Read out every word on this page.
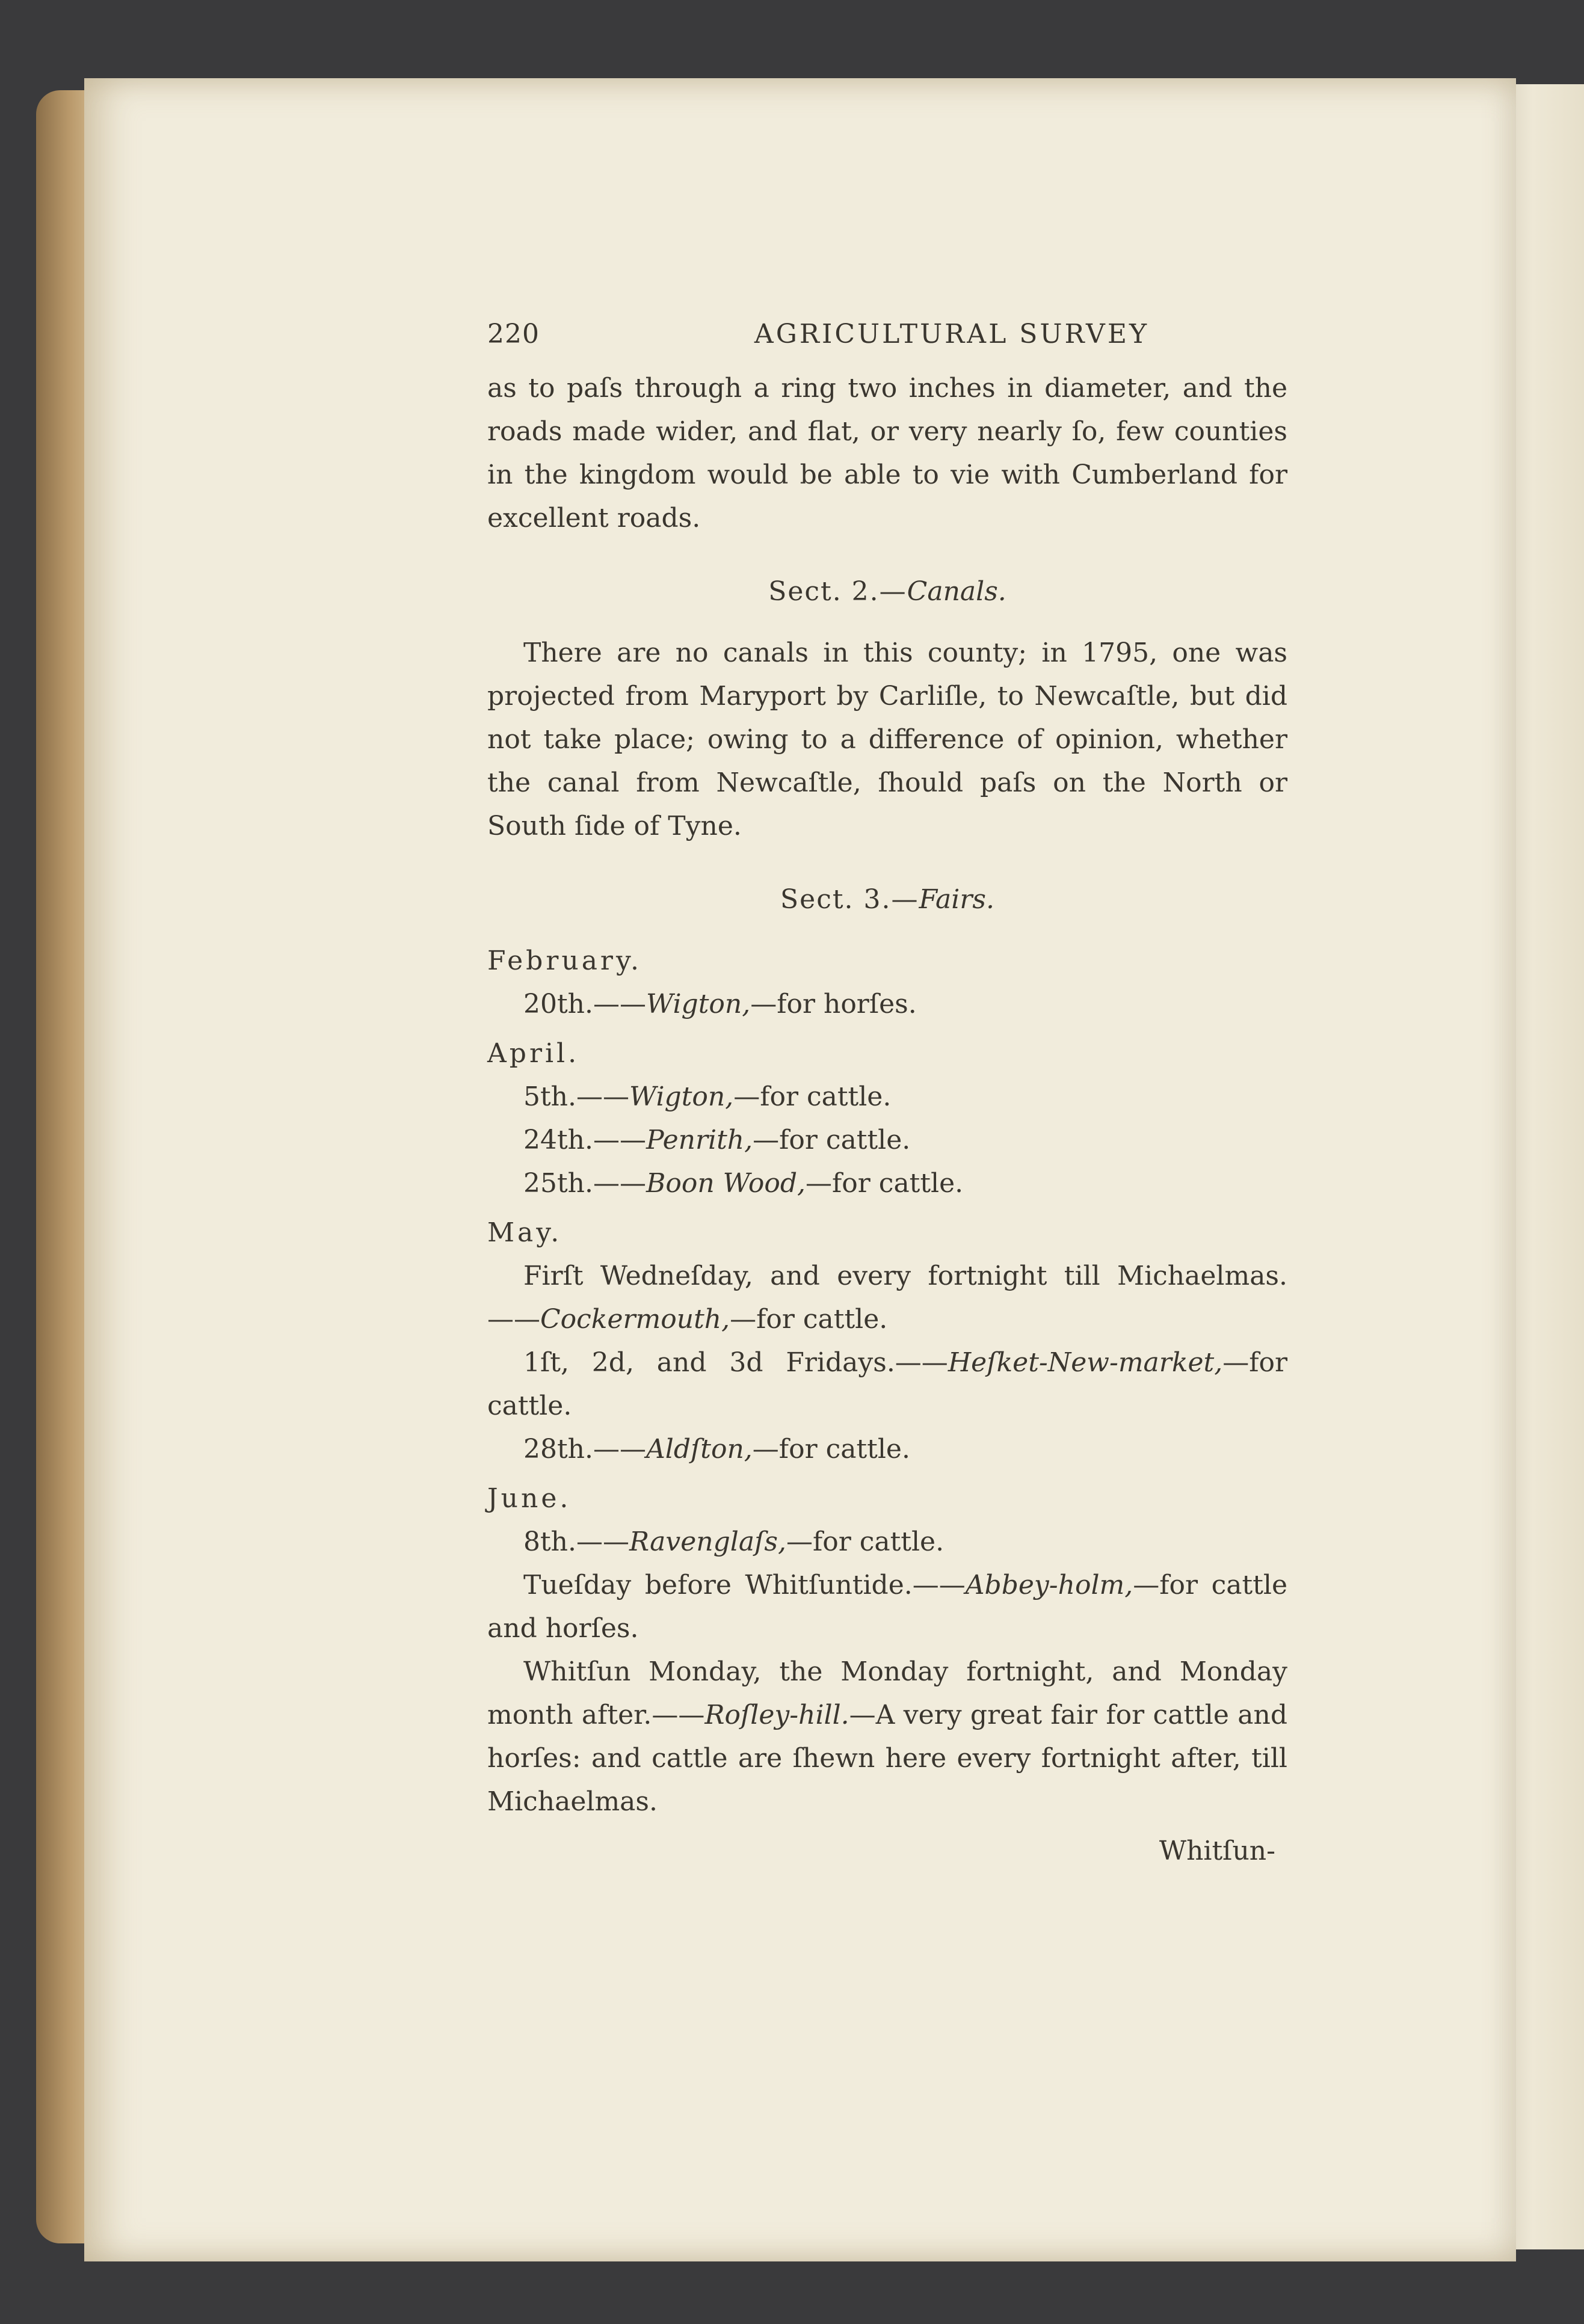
220	AGRICULTURAL SURVEY

as to paſs through a ring two inches in diameter, and the roads made wider, and flat, or very nearly ſo, few counties in the kingdom would be able to vie with Cumberland for excellent roads.

Sect. 2.—Canals.

There are no canals in this county; in 1795, one was projected from Maryport by Carliſle, to Newcaſtle, but did not take place; owing to a difference of opinion, whether the canal from Newcaſtle, ſhould paſs on the North or South ſide of Tyne.

Sect. 3.—Fairs.
February.

20th.——Wigton,—for horſes.

April.

5th.——Wigton,—for cattle.

24th.——Penrith,—for cattle.

25th.——Boon Wood,—for cattle.

May.

Firſt Wedneſday, and every fortnight till Michaelmas. ——Cockermouth,—for cattle.

1ſt, 2d, and 3d Fridays.——Heſket-New-market,—for cattle.

28th.——Aldſton,—for cattle.

June.

8th.——Ravenglaſs,—for cattle.

Tueſday before Whitſuntide.——Abbey-holm,—for cattle and horſes.

Whitſun Monday, the Monday fortnight, and Monday month after.——Roſley-hill.—A very great fair for cattle and horſes: and cattle are ſhewn here every fortnight after, till Michaelmas.

Whitſun-
